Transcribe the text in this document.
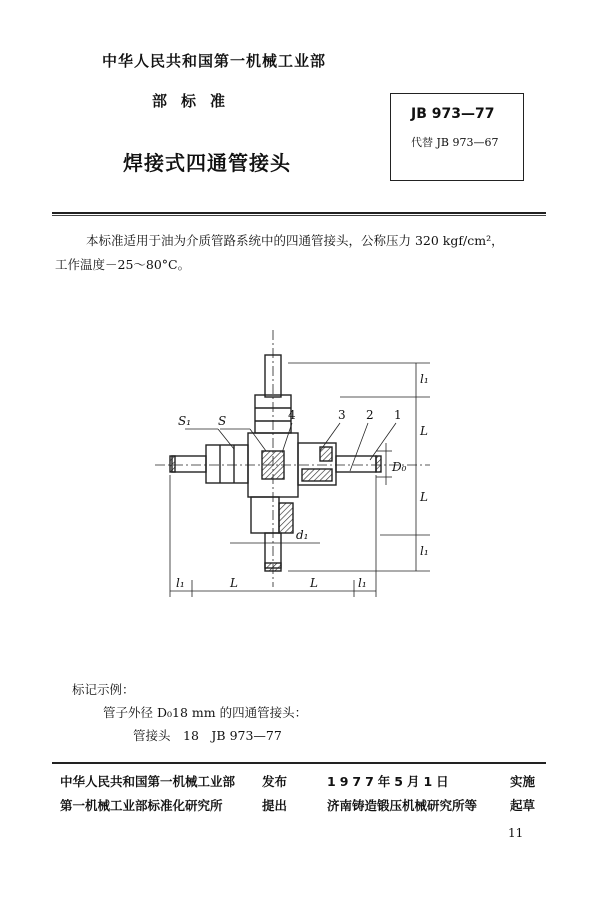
中华人民共和国第一机械工业部
部标准
焊接式四通管接头
JB 973—77
代替 JB 973—67
本标准适用于油为介质管路系统中的四通管接头，公称压力 320 kgf/cm²，
工作温度－25～80°C。
S₁ S	4	3 2 1
l₁
L
L
l₁
D₀
d₁
l₁	L	L	l₁
标记示例：
管子外径 D₀18 mm 的四通管接头：
管接头　18　JB 973—77
中华人民共和国第一机械工业部 发布	1977年5月1日	实施
第一机械工业部标准化研究所	提出	济南铸造锻压机械研究所等	起草
11
